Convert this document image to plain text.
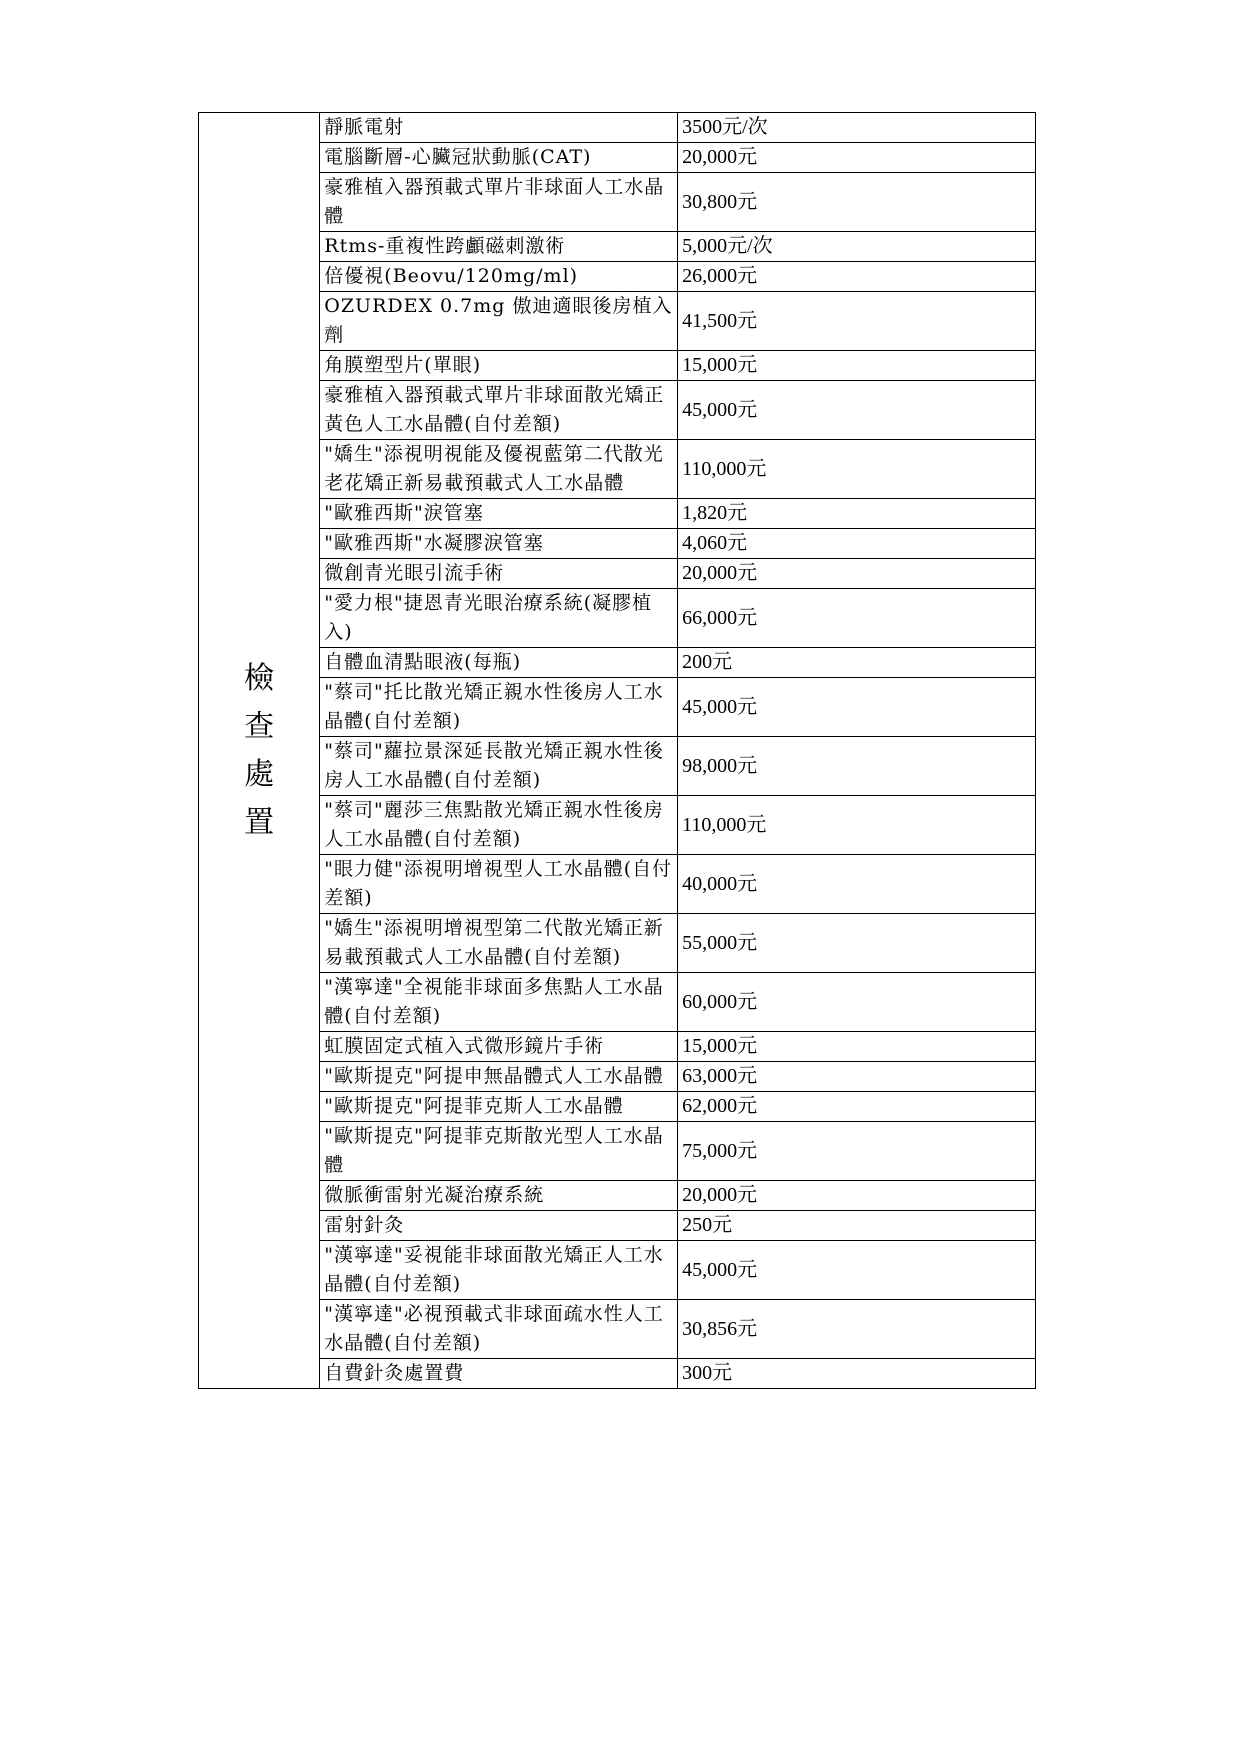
檢
查
處
置	靜脈電射	3500元/次
	電腦斷層-心臟冠狀動脈(CAT)	20,000元
	豪雅植入器預載式單片非球面人工水晶體	30,800元
	Rtms-重複性跨顱磁刺激術	5,000元/次
	倍優視(Beovu/120mg/ml)	26,000元
	OZURDEX 0.7mg 傲迪適眼後房植入劑	41,500元
	角膜塑型片(單眼)	15,000元
	豪雅植入器預載式單片非球面散光矯正黃色人工水晶體(自付差額)	45,000元
	"嬌生"添視明視能及優視藍第二代散光老花矯正新易載預載式人工水晶體	110,000元
	"歐雅西斯"淚管塞	1,820元
	"歐雅西斯"水凝膠淚管塞	4,060元
	微創青光眼引流手術	20,000元
	"愛力根"捷恩青光眼治療系統(凝膠植入)	66,000元
	自體血清點眼液(每瓶)	200元
	"蔡司"托比散光矯正親水性後房人工水晶體(自付差額)	45,000元
	"蔡司"蘿拉景深延長散光矯正親水性後房人工水晶體(自付差額)	98,000元
	"蔡司"麗莎三焦點散光矯正親水性後房人工水晶體(自付差額)	110,000元
	"眼力健"添視明增視型人工水晶體(自付差額)	40,000元
	"嬌生"添視明增視型第二代散光矯正新易載預載式人工水晶體(自付差額)	55,000元
	"漢寧達"全視能非球面多焦點人工水晶體(自付差額)	60,000元
	虹膜固定式植入式微形鏡片手術	15,000元
	"歐斯提克"阿提申無晶體式人工水晶體	63,000元
	"歐斯提克"阿提菲克斯人工水晶體	62,000元
	"歐斯提克"阿提菲克斯散光型人工水晶體	75,000元
	微脈衝雷射光凝治療系統	20,000元
	雷射針灸	250元
	"漢寧達"妥視能非球面散光矯正人工水晶體(自付差額)	45,000元
	"漢寧達"必視預載式非球面疏水性人工水晶體(自付差額)	30,856元
	自費針灸處置費	300元
